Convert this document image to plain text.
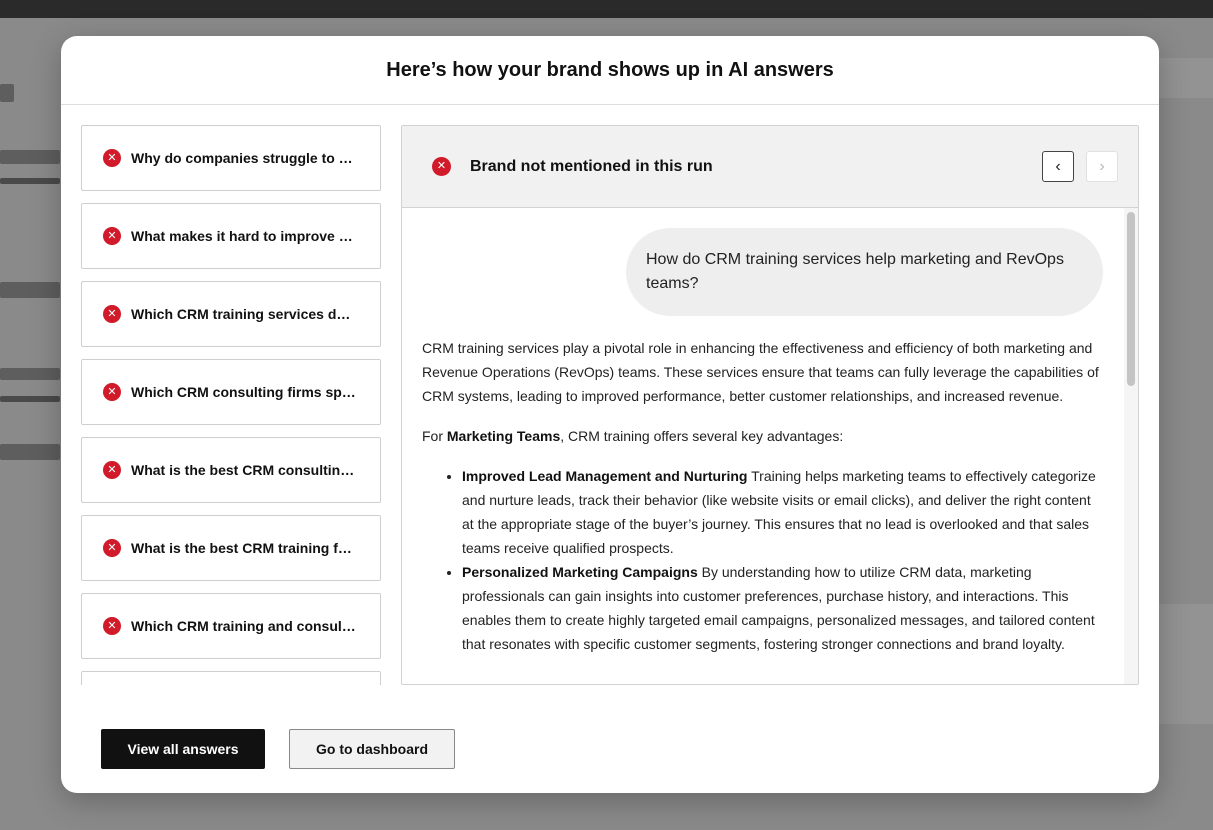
Here’s how your brand shows up in AI answers
✕	Why do companies struggle to …
✕	What makes it hard to improve …
✕	Which CRM training services d…
✕	Which CRM consulting firms sp…
✕	What is the best CRM consultin…
✕	What is the best CRM training f…
✕	Which CRM training and consul…
✕	Brand not mentioned in this run	‹ ›
How do CRM training services help marketing and RevOps teams?

CRM training services play a pivotal role in enhancing the effectiveness and efficiency of both marketing and Revenue Operations (RevOps) teams. These services ensure that teams can fully leverage the capabilities of CRM systems, leading to improved performance, better customer relationships, and increased revenue.

For Marketing Teams, CRM training offers several key advantages:

• Improved Lead Management and Nurturing Training helps marketing teams to effectively categorize and nurture leads, track their behavior (like website visits or email clicks), and deliver the right content at the appropriate stage of the buyer’s journey. This ensures that no lead is overlooked and that sales teams receive qualified prospects.
• Personalized Marketing Campaigns By understanding how to utilize CRM data, marketing professionals can gain insights into customer preferences, purchase history, and interactions. This enables them to create highly targeted email campaigns, personalized messages, and tailored content that resonates with specific customer segments, fostering stronger connections and brand loyalty.
View all answers	Go to dashboard
